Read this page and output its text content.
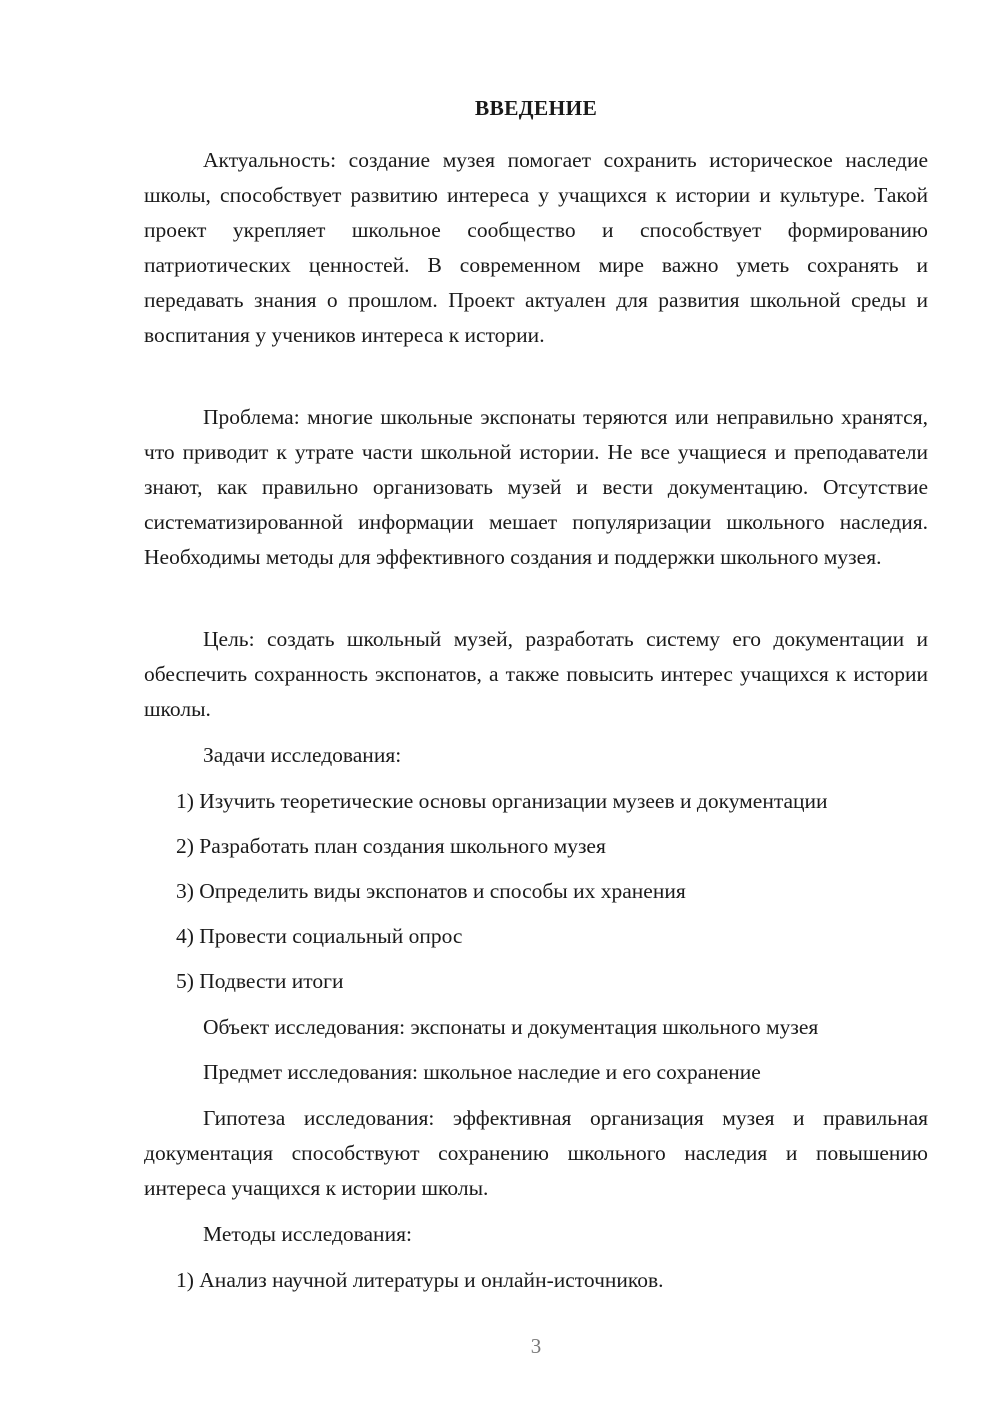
ВВЕДЕНИЕ

Актуальность: создание музея помогает сохранить историческое наследие школы, способствует развитию интереса у учащихся к истории и культуре. Такой проект укрепляет школьное сообщество и способствует формированию патриотических ценностей. В современном мире важно уметь сохранять и передавать знания о прошлом. Проект актуален для развития школьной среды и воспитания у учеников интереса к истории.

Проблема: многие школьные экспонаты теряются или неправильно хранятся, что приводит к утрате части школьной истории. Не все учащиеся и преподаватели знают, как правильно организовать музей и вести документацию. Отсутствие систематизированной информации мешает популяризации школьного наследия. Необходимы методы для эффективного создания и поддержки школьного музея.

Цель: создать школьный музей, разработать систему его документации и обеспечить сохранность экспонатов, а также повысить интерес учащихся к истории школы.

Задачи исследования:

1) Изучить теоретические основы организации музеев и документации
2) Разработать план создания школьного музея
3) Определить виды экспонатов и способы их хранения
4) Провести социальный опрос
5) Подвести итоги

Объект исследования: экспонаты и документация школьного музея

Предмет исследования: школьное наследие и его сохранение

Гипотеза исследования: эффективная организация музея и правильная документация способствуют сохранению школьного наследия и повышению интереса учащихся к истории школы.

Методы исследования:

1) Анализ научной литературы и онлайн-источников.
3
